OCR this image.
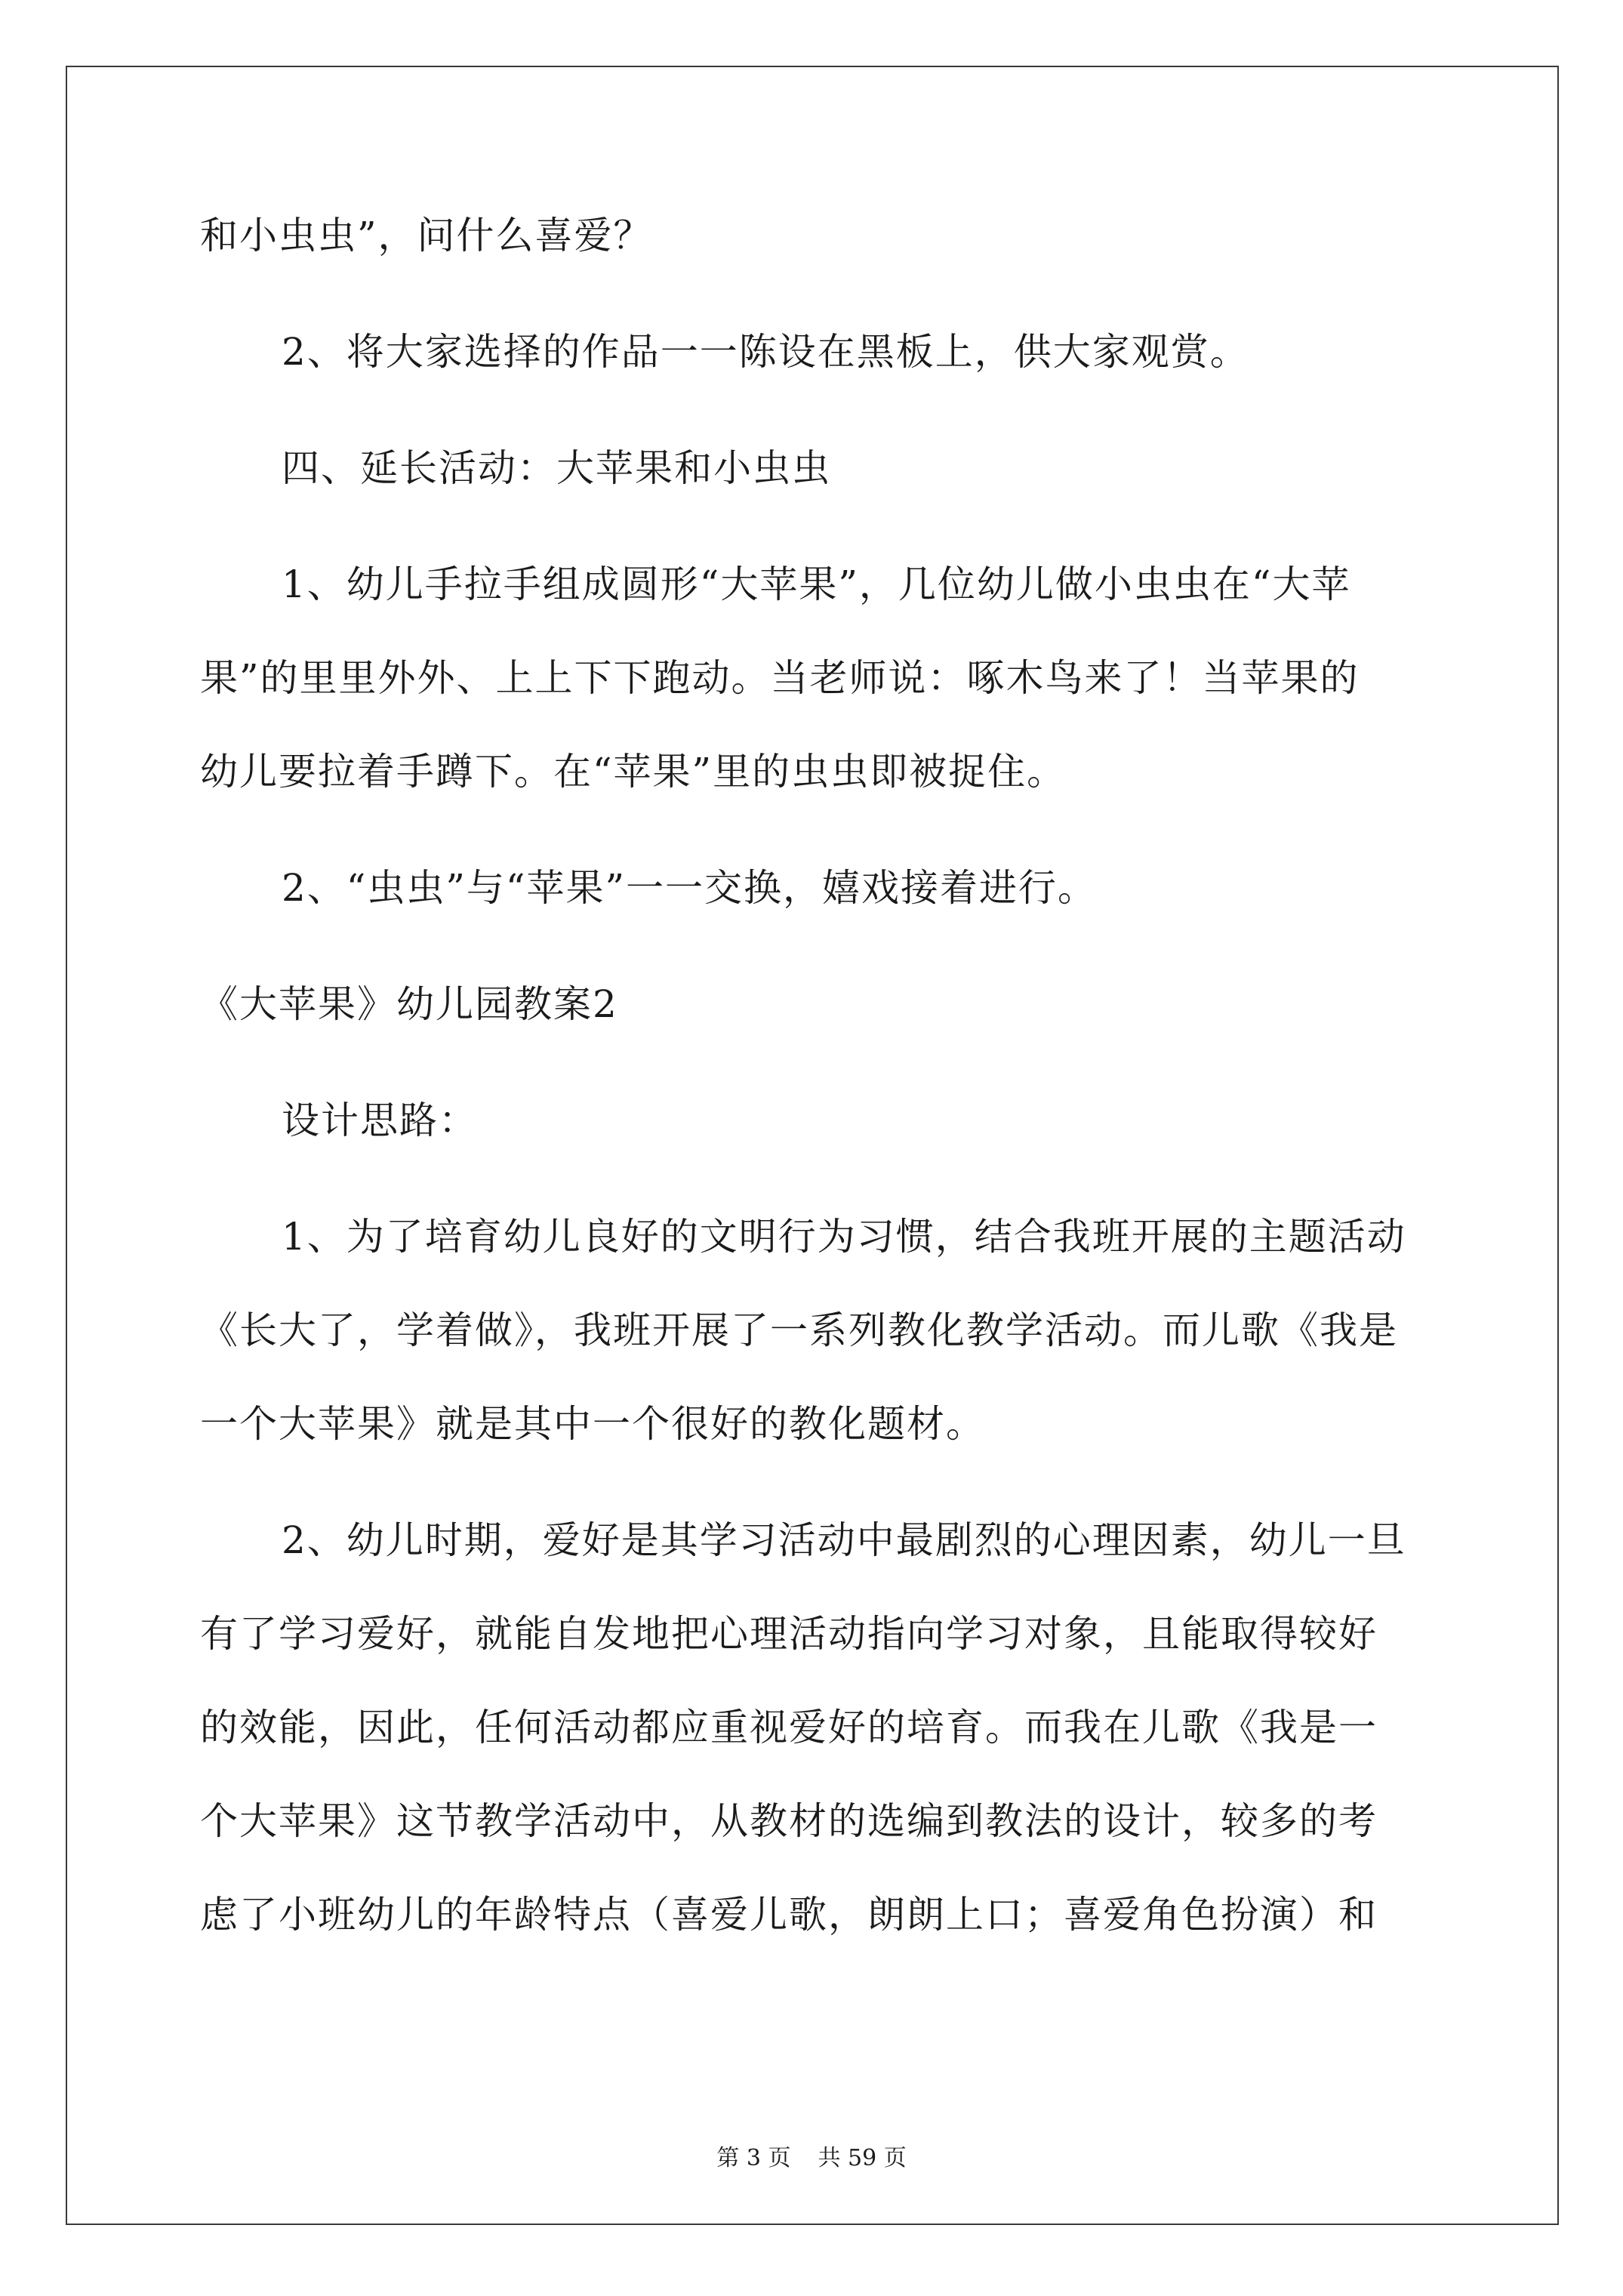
和小虫虫”，问什么喜爱？
2、将大家选择的作品一一陈设在黑板上，供大家观赏。
四、延长活动：大苹果和小虫虫
1、幼儿手拉手组成圆形“大苹果”，几位幼儿做小虫虫在“大苹
果”的里里外外、上上下下跑动。当老师说：啄木鸟来了！当苹果的
幼儿要拉着手蹲下。在“苹果”里的虫虫即被捉住。
2、“虫虫”与“苹果”一一交换，嬉戏接着进行。
《大苹果》幼儿园教案2
设计思路：
1、为了培育幼儿良好的文明行为习惯，结合我班开展的主题活动
《长大了，学着做》，我班开展了一系列教化教学活动。而儿歌《我是
一个大苹果》就是其中一个很好的教化题材。
2、幼儿时期，爱好是其学习活动中最剧烈的心理因素，幼儿一旦
有了学习爱好，就能自发地把心理活动指向学习对象，且能取得较好
的效能，因此，任何活动都应重视爱好的培育。而我在儿歌《我是一
个大苹果》这节教学活动中，从教材的选编到教法的设计，较多的考
虑了小班幼儿的年龄特点（喜爱儿歌，朗朗上口；喜爱角色扮演）和
第 3 页 共 59 页
